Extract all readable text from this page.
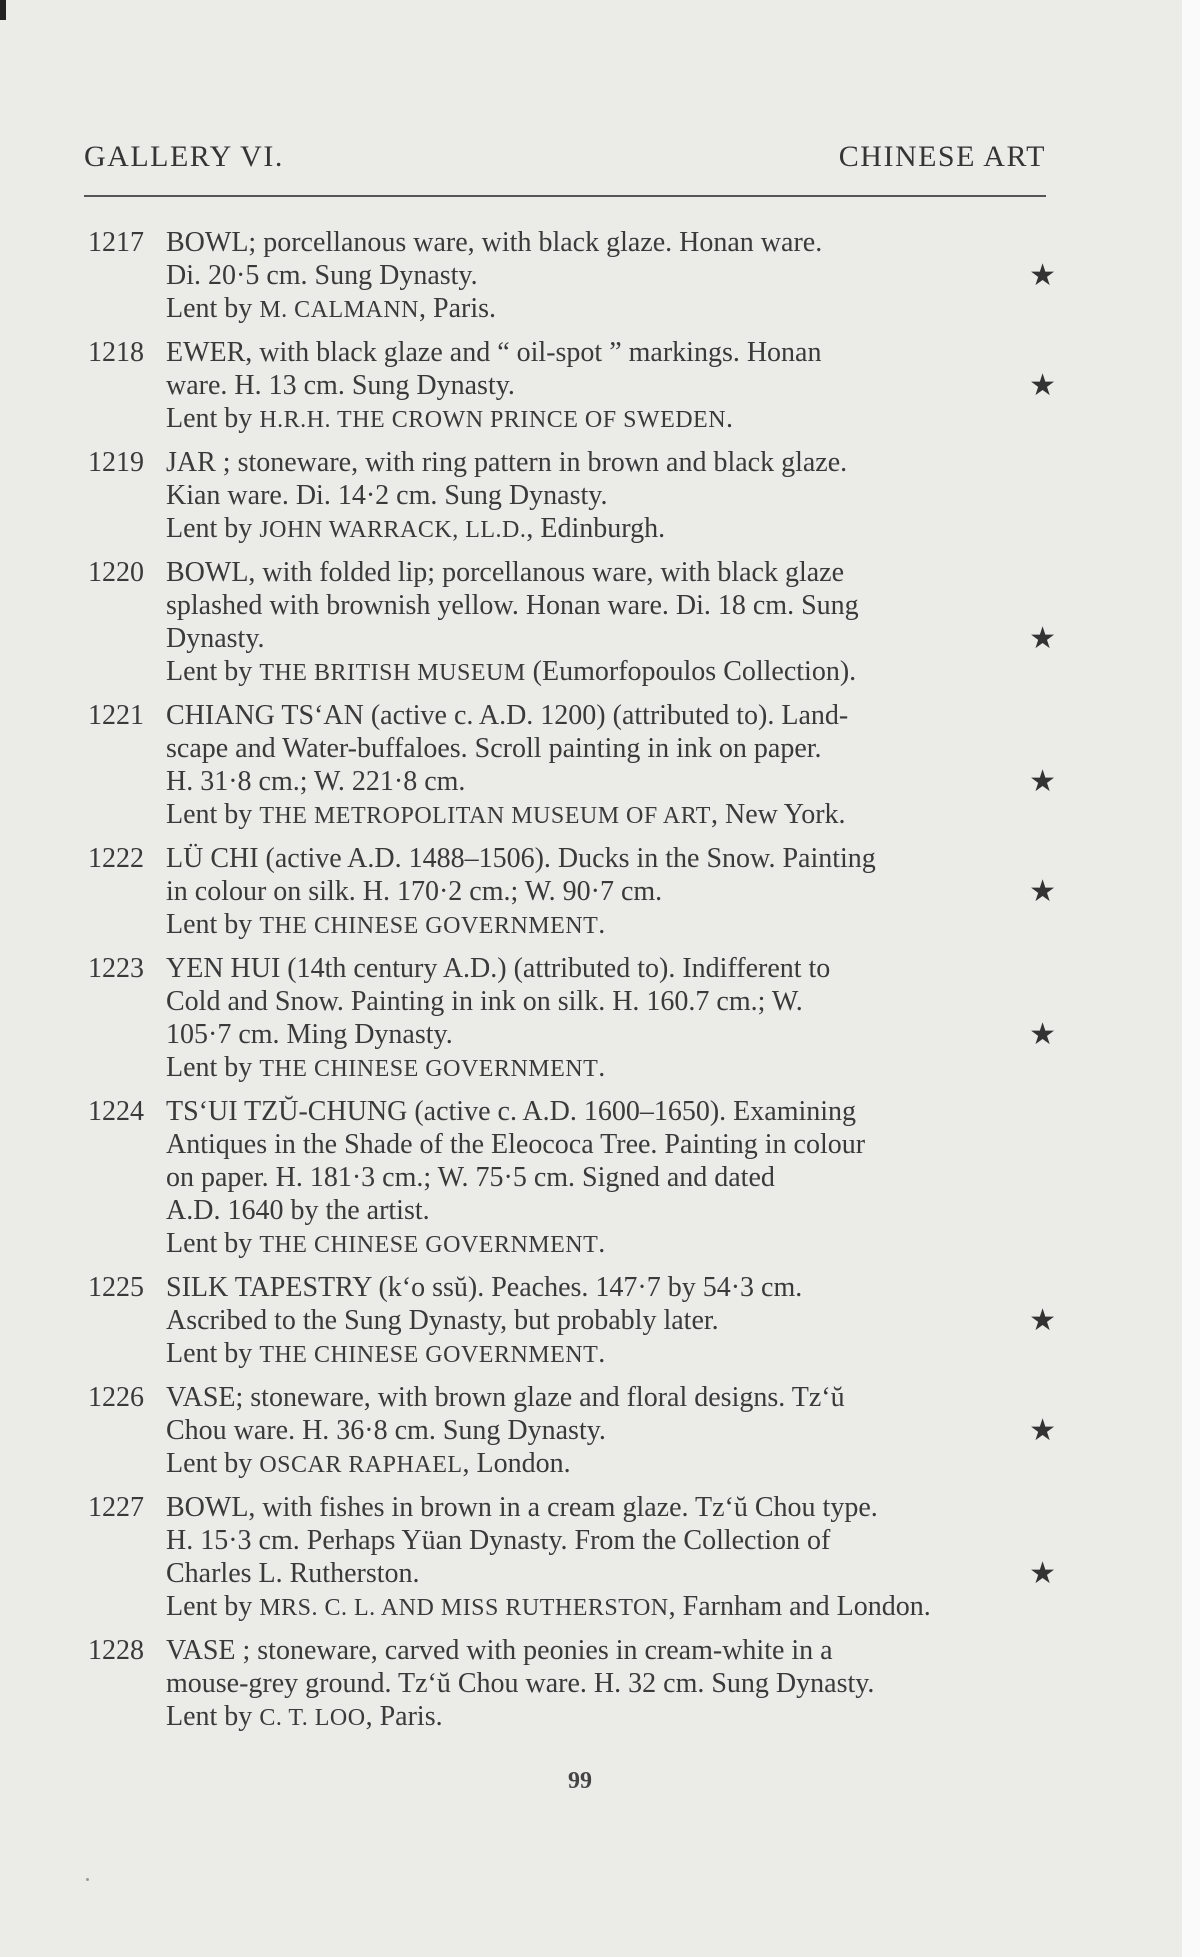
GALLERY VI.	CHINESE ART
1217 BOWL; porcellanous ware, with black glaze. Honan ware.
Di. 20·5 cm. Sung Dynasty.	★
Lent by M. CALMANN, Paris.
1218 EWER, with black glaze and “ oil-spot ” markings. Honan
ware. H. 13 cm. Sung Dynasty.	★
Lent by H.R.H. THE CROWN PRINCE OF SWEDEN.
1219 JAR ; stoneware, with ring pattern in brown and black glaze.
Kian ware. Di. 14·2 cm. Sung Dynasty.
Lent by JOHN WARRACK, LL.D., Edinburgh.
1220 BOWL, with folded lip; porcellanous ware, with black glaze
splashed with brownish yellow. Honan ware. Di. 18 cm. Sung
Dynasty.	★
Lent by THE BRITISH MUSEUM (Eumorfopoulos Collection).
1221 CHIANG TS‘AN (active c. A.D. 1200) (attributed to). Land-
scape and Water-buffaloes. Scroll painting in ink on paper.
H. 31·8 cm.; W. 221·8 cm.	★
Lent by THE METROPOLITAN MUSEUM OF ART, New York.
1222 LÜ CHI (active A.D. 1488–1506). Ducks in the Snow. Painting
in colour on silk. H. 170·2 cm.; W. 90·7 cm.	★
Lent by THE CHINESE GOVERNMENT.
1223 YEN HUI (14th century A.D.) (attributed to). Indifferent to
Cold and Snow. Painting in ink on silk. H. 160.7 cm.; W.
105·7 cm. Ming Dynasty.	★
Lent by THE CHINESE GOVERNMENT.
1224 TS‘UI TZŬ-CHUNG (active c. A.D. 1600–1650). Examining
Antiques in the Shade of the Eleococa Tree. Painting in colour
on paper. H. 181·3 cm.; W. 75·5 cm. Signed and dated
A.D. 1640 by the artist.
Lent by THE CHINESE GOVERNMENT.
1225 SILK TAPESTRY (k‘o ssŭ). Peaches. 147·7 by 54·3 cm.
Ascribed to the Sung Dynasty, but probably later.	★
Lent by THE CHINESE GOVERNMENT.
1226 VASE; stoneware, with brown glaze and floral designs. Tz‘ŭ
Chou ware. H. 36·8 cm. Sung Dynasty.	★
Lent by OSCAR RAPHAEL, London.
1227 BOWL, with fishes in brown in a cream glaze. Tz‘ŭ Chou type.
H. 15·3 cm. Perhaps Yüan Dynasty. From the Collection of
Charles L. Rutherston.	★
Lent by MRS. C. L. AND MISS RUTHERSTON, Farnham and London.
1228 VASE ; stoneware, carved with peonies in cream-white in a
mouse-grey ground. Tz‘ŭ Chou ware. H. 32 cm. Sung Dynasty.
Lent by C. T. LOO, Paris.
99
